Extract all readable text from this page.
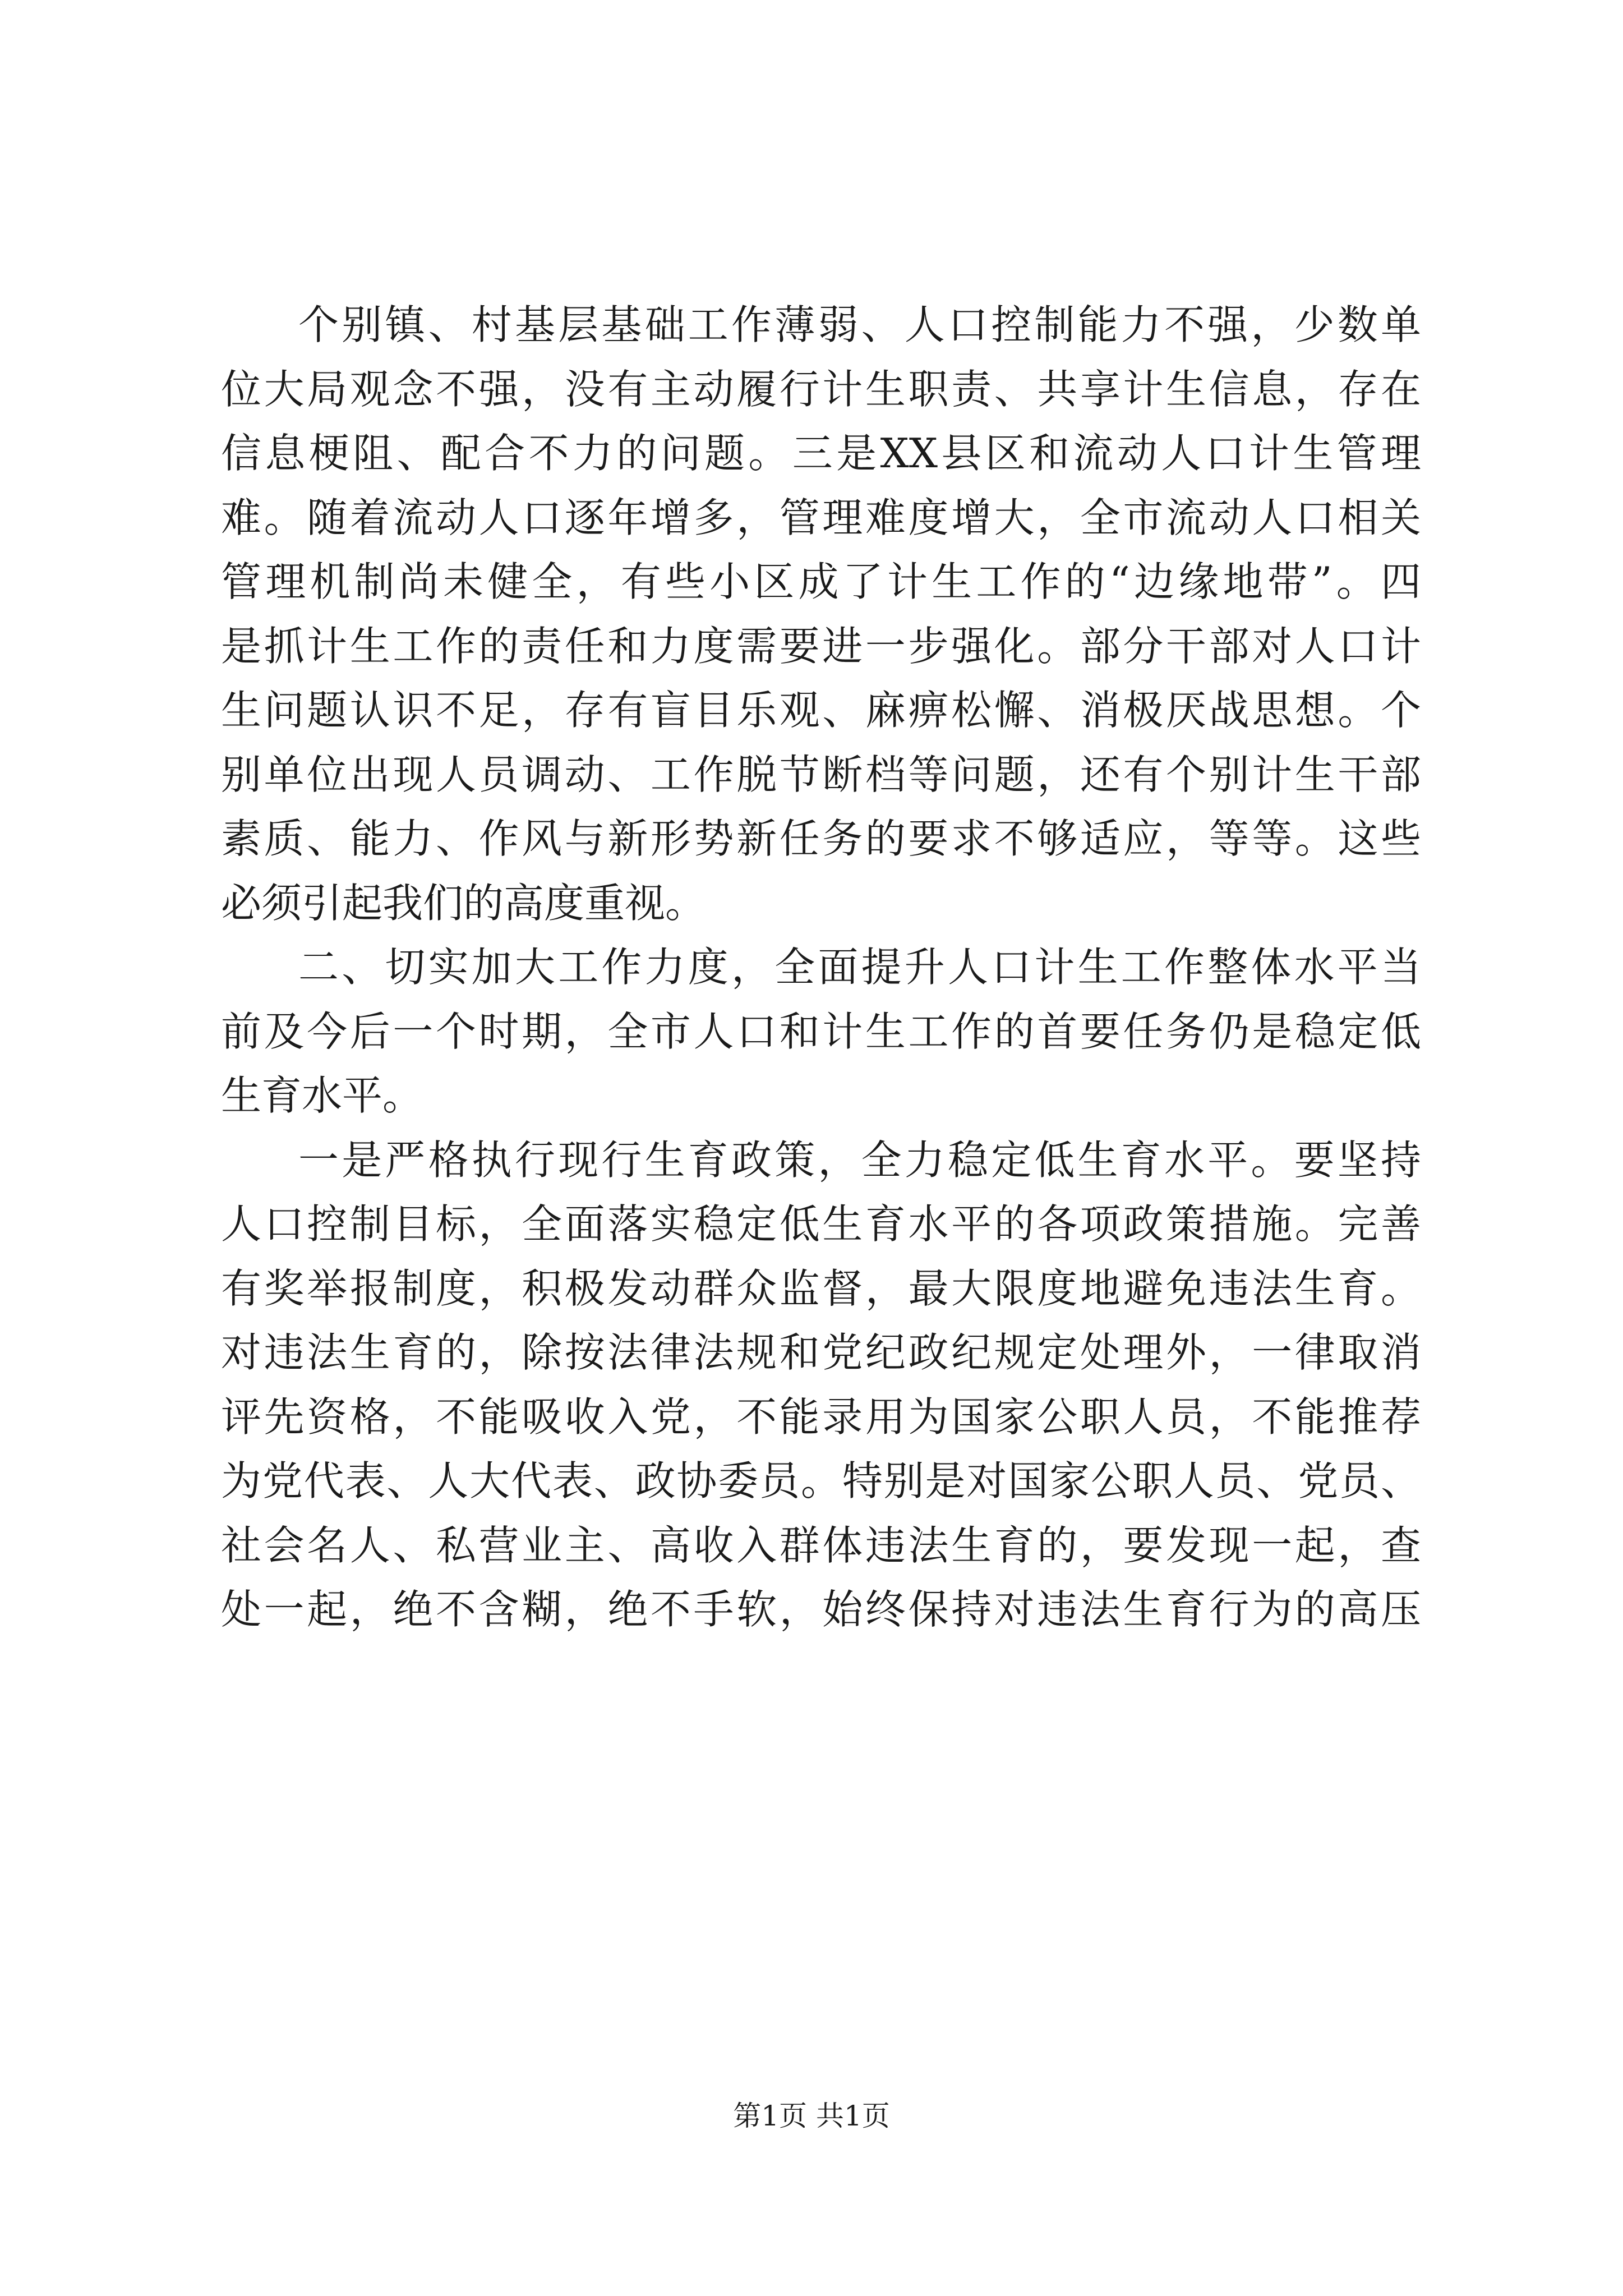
个别镇、村基层基础工作薄弱、人口控制能力不强，少数单
位大局观念不强，没有主动履行计生职责、共享计生信息，存在
信息梗阻、配合不力的问题。三是XX县区和流动人口计生管理
难。随着流动人口逐年增多，管理难度增大，全市流动人口相关
管理机制尚未健全，有些小区成了计生工作的“边缘地带”。四
是抓计生工作的责任和力度需要进一步强化。部分干部对人口计
生问题认识不足，存有盲目乐观、麻痹松懈、消极厌战思想。个
别单位出现人员调动、工作脱节断档等问题，还有个别计生干部
素质、能力、作风与新形势新任务的要求不够适应，等等。这些
必须引起我们的高度重视。
二、切实加大工作力度，全面提升人口计生工作整体水平当
前及今后一个时期，全市人口和计生工作的首要任务仍是稳定低
生育水平。
一是严格执行现行生育政策，全力稳定低生育水平。要坚持
人口控制目标，全面落实稳定低生育水平的各项政策措施。完善
有奖举报制度，积极发动群众监督，最大限度地避免违法生育。
对违法生育的，除按法律法规和党纪政纪规定处理外，一律取消
评先资格，不能吸收入党，不能录用为国家公职人员，不能推荐
为党代表、人大代表、政协委员。特别是对国家公职人员、党员、
社会名人、私营业主、高收入群体违法生育的，要发现一起，查
处一起，绝不含糊，绝不手软，始终保持对违法生育行为的高压
第1页 共1页
